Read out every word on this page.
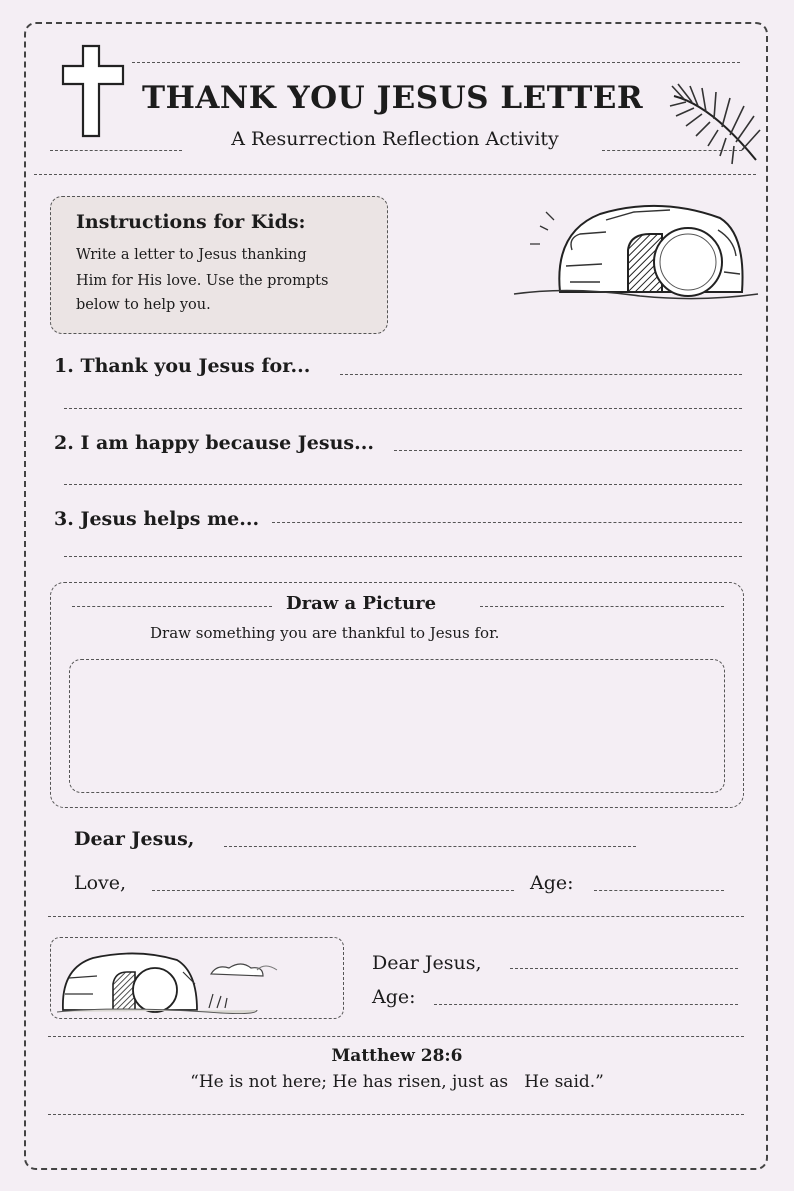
THANK YOU JESUS LETTER
A Resurrection Reflection Activity
Instructions for Kids:
Write a letter to Jesus thanking
Him for His love. Use the prompts
below to help you.
1. Thank you Jesus for...
2. I am happy because Jesus...
3. Jesus helps me...
Draw a Picture
Draw something you are thankful to Jesus for.
Dear Jesus,
Love,	Age:
Dear Jesus,
Age:
Matthew 28:6
“He is not here; He has risen, just as   He said.”
